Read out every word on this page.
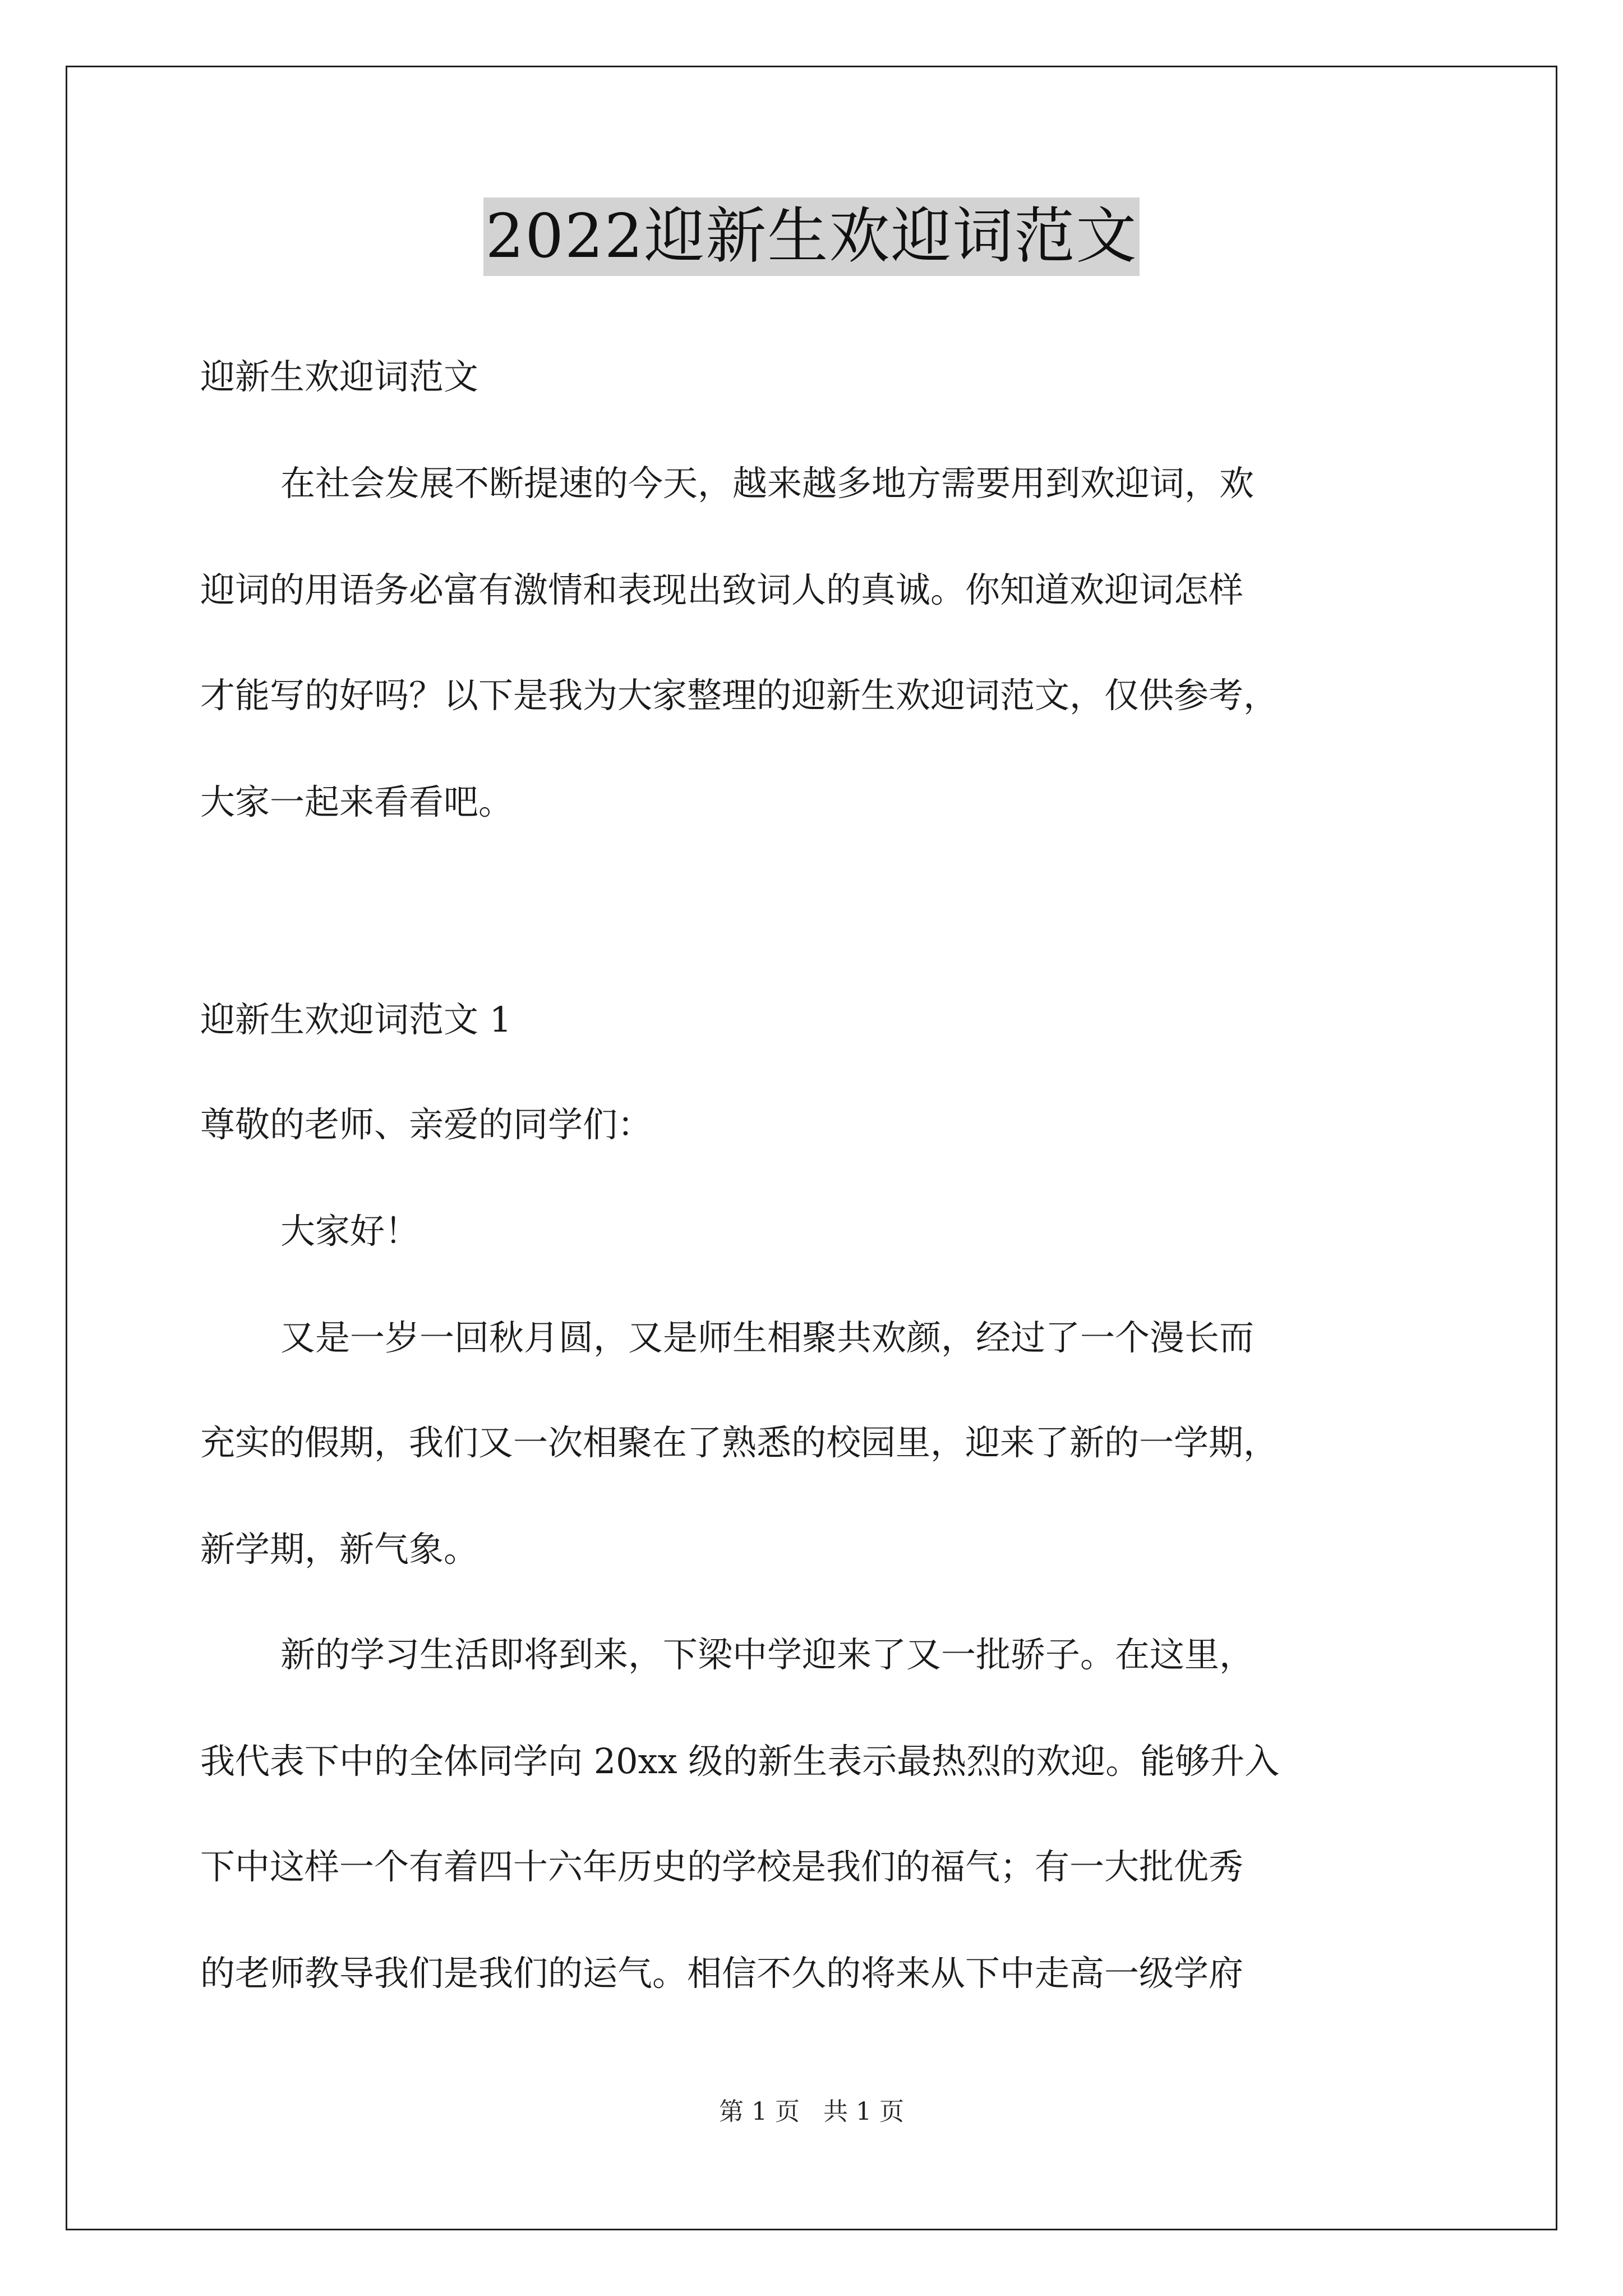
2022迎新生欢迎词范文
迎新生欢迎词范文
在社会发展不断提速的今天，越来越多地方需要用到欢迎词，欢
迎词的用语务必富有激情和表现出致词人的真诚。你知道欢迎词怎样
才能写的好吗？以下是我为大家整理的迎新生欢迎词范文，仅供参考，
大家一起来看看吧。
迎新生欢迎词范文 1
尊敬的老师、亲爱的同学们：
大家好！
又是一岁一回秋月圆，又是师生相聚共欢颜，经过了一个漫长而
充实的假期，我们又一次相聚在了熟悉的校园里，迎来了新的一学期，
新学期，新气象。
新的学习生活即将到来，下梁中学迎来了又一批骄子。在这里，
我代表下中的全体同学向 20xx 级的新生表示最热烈的欢迎。能够升入
下中这样一个有着四十六年历史的学校是我们的福气；有一大批优秀
的老师教导我们是我们的运气。相信不久的将来从下中走高一级学府
第 1 页   共 1 页
